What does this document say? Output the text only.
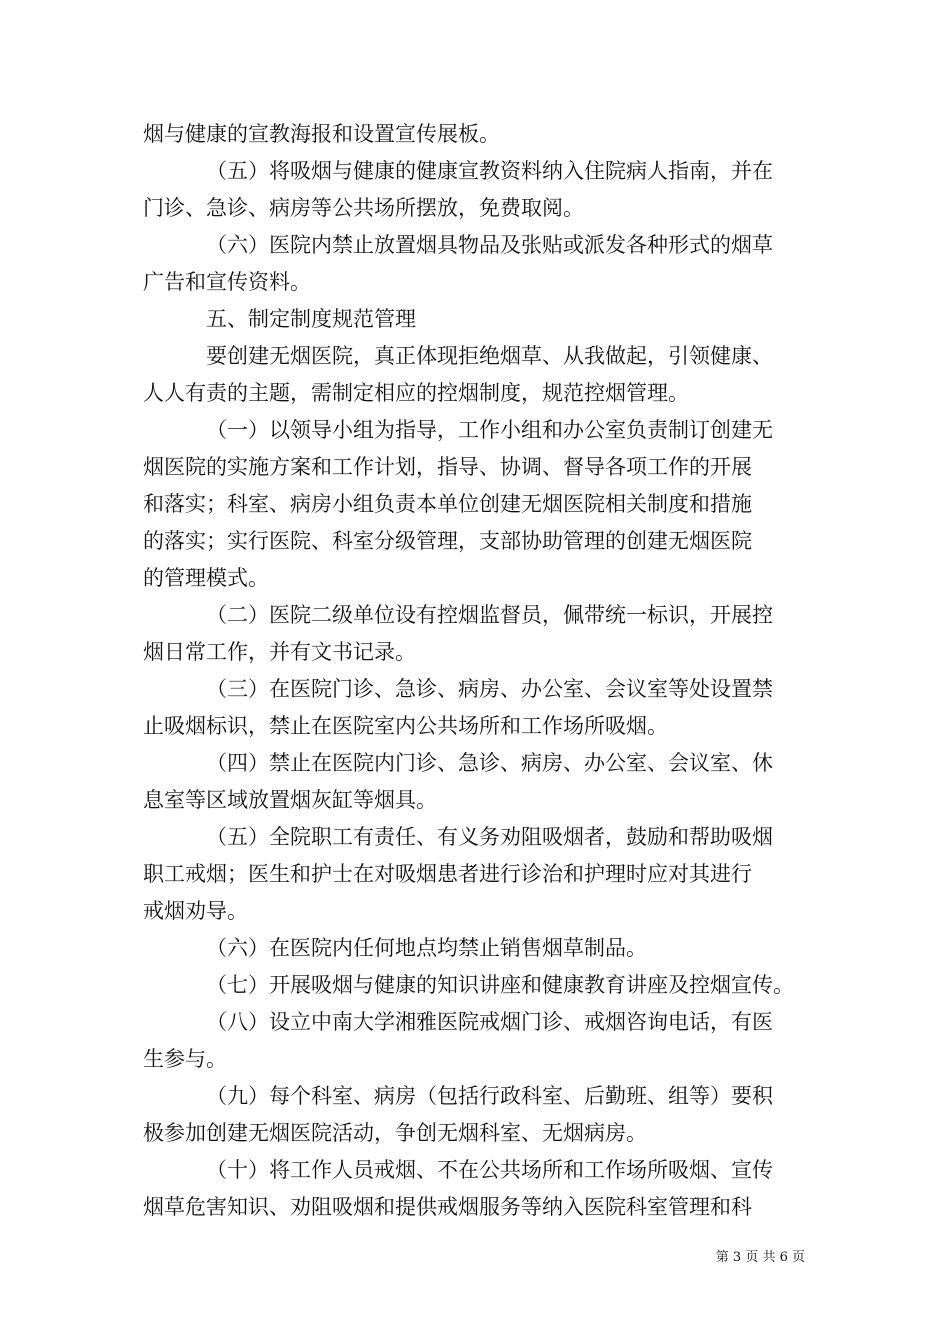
烟与健康的宣教海报和设置宣传展板。
（五）将吸烟与健康的健康宣教资料纳入住院病人指南，并在
门诊、急诊、病房等公共场所摆放，免费取阅。
（六）医院内禁止放置烟具物品及张贴或派发各种形式的烟草
广告和宣传资料。
五、制定制度规范管理
要创建无烟医院，真正体现拒绝烟草、从我做起，引领健康、
人人有责的主题，需制定相应的控烟制度，规范控烟管理。
（一）以领导小组为指导，工作小组和办公室负责制订创建无
烟医院的实施方案和工作计划，指导、协调、督导各项工作的开展
和落实；科室、病房小组负责本单位创建无烟医院相关制度和措施
的落实；实行医院、科室分级管理，支部协助管理的创建无烟医院
的管理模式。
（二）医院二级单位设有控烟监督员，佩带统一标识，开展控
烟日常工作，并有文书记录。
（三）在医院门诊、急诊、病房、办公室、会议室等处设置禁
止吸烟标识，禁止在医院室内公共场所和工作场所吸烟。
（四）禁止在医院内门诊、急诊、病房、办公室、会议室、休
息室等区域放置烟灰缸等烟具。
（五）全院职工有责任、有义务劝阻吸烟者，鼓励和帮助吸烟
职工戒烟；医生和护士在对吸烟患者进行诊治和护理时应对其进行
戒烟劝导。
（六）在医院内任何地点均禁止销售烟草制品。
（七）开展吸烟与健康的知识讲座和健康教育讲座及控烟宣传。
（八）设立中南大学湘雅医院戒烟门诊、戒烟咨询电话，有医
生参与。
（九）每个科室、病房（包括行政科室、后勤班、组等）要积
极参加创建无烟医院活动，争创无烟科室、无烟病房。
（十）将工作人员戒烟、不在公共场所和工作场所吸烟、宣传
烟草危害知识、劝阻吸烟和提供戒烟服务等纳入医院科室管理和科
第 3 页 共 6 页
